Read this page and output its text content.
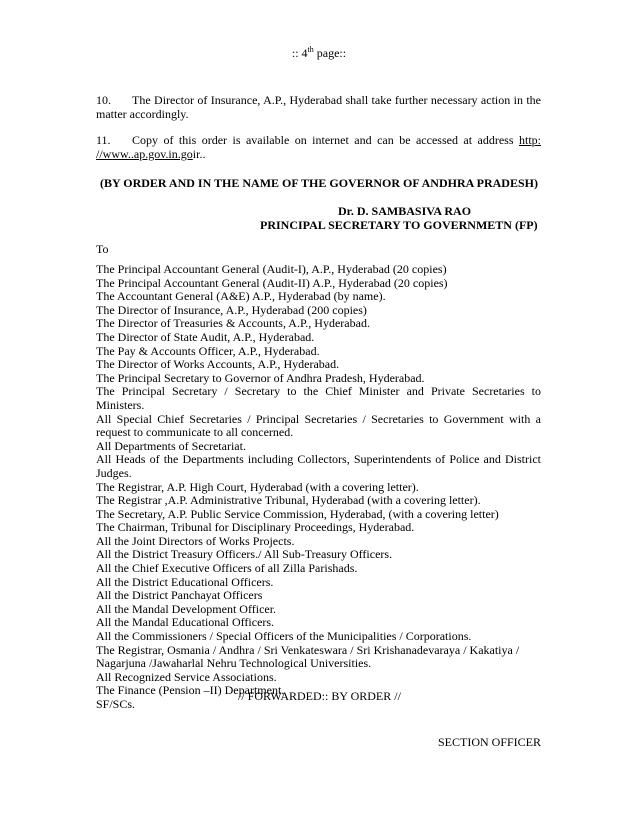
:: 4th page::
10. The Director of Insurance, A.P., Hyderabad shall take further necessary action in the matter accordingly.
11. Copy of this order is available on internet and can be accessed at address http: //www..ap.gov.in.goir..
(BY ORDER AND IN THE NAME OF THE GOVERNOR OF ANDHRA PRADESH)
Dr. D. SAMBASIVA RAO
PRINCIPAL SECRETARY TO GOVERNMETN (FP)
To
The Principal Accountant General (Audit-I), A.P., Hyderabad (20 copies)
The Principal Accountant General (Audit-II) A.P., Hyderabad (20 copies)
The Accountant General (A&E) A.P., Hyderabad (by name).
The Director of Insurance, A.P., Hyderabad (200 copies)
The Director of Treasuries & Accounts, A.P., Hyderabad.
The Director of State Audit, A.P., Hyderabad.
The Pay & Accounts Officer, A.P., Hyderabad.
The Director of Works Accounts, A.P., Hyderabad.
The Principal Secretary to Governor of Andhra Pradesh, Hyderabad.
The Principal Secretary / Secretary to the Chief Minister and Private Secretaries to Ministers.
All Special Chief Secretaries / Principal Secretaries / Secretaries to Government with a request to communicate to all concerned.
All Departments of Secretariat.
All Heads of the Departments including Collectors, Superintendents of Police and District Judges.
The Registrar, A.P. High Court, Hyderabad (with a covering letter).
The Registrar ,A.P. Administrative Tribunal, Hyderabad (with a covering letter).
The Secretary, A.P. Public Service Commission, Hyderabad, (with a covering letter)
The Chairman, Tribunal for Disciplinary Proceedings, Hyderabad.
All the Joint Directors of Works Projects.
All the District Treasury Officers./ All Sub-Treasury Officers.
All the Chief Executive Officers of all Zilla Parishads.
All the District Educational Officers.
All the District Panchayat Officers
All the Mandal Development Officer.
All the Mandal Educational Officers.
All the Commissioners / Special Officers of the Municipalities / Corporations.
The Registrar, Osmania / Andhra / Sri Venkateswara / Sri Krishanadevaraya / Kakatiya /
Nagarjuna /Jawaharlal Nehru Technological Universities.
All Recognized Service Associations.
The Finance (Pension –II) Department.
SF/SCs.
// FORWARDED:: BY ORDER //
SECTION OFFICER
